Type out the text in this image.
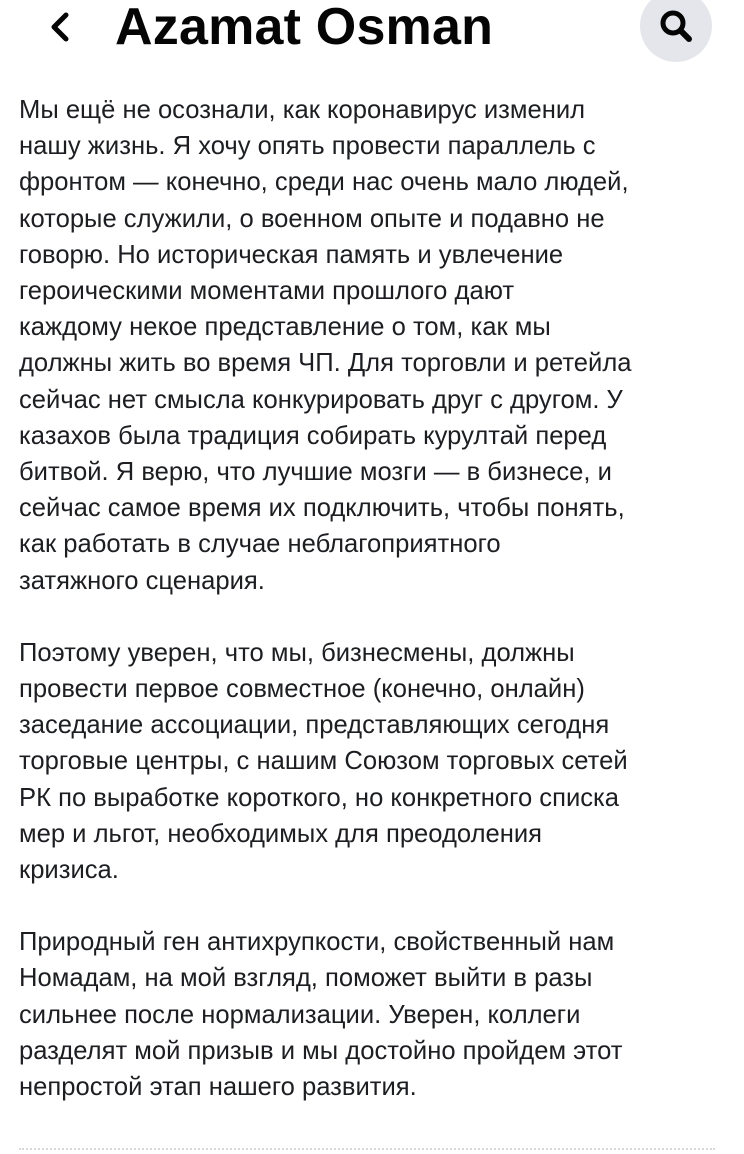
Azamat Osman

Мы ещё не осознали, как коронавирус изменил
нашу жизнь. Я хочу опять провести параллель с
фронтом — конечно, среди нас очень мало людей,
которые служили, о военном опыте и подавно не
говорю. Но историческая память и увлечение
героическими моментами прошлого дают
каждому некое представление о том, как мы
должны жить во время ЧП. Для торговли и ретейла
сейчас нет смысла конкурировать друг с другом. У
казахов была традиция собирать курултай перед
битвой. Я верю, что лучшие мозги — в бизнесе, и
сейчас самое время их подключить, чтобы понять,
как работать в случае неблагоприятного
затяжного сценария.

Поэтому уверен, что мы, бизнесмены, должны
провести первое совместное (конечно, онлайн)
заседание ассоциации, представляющих сегодня
торговые центры, с нашим Союзом торговых сетей
РК по выработке короткого, но конкретного списка
мер и льгот, необходимых для преодоления
кризиса.

Природный ген антихрупкости, свойственный нам
Номадам, на мой взгляд, поможет выйти в разы
сильнее после нормализации. Уверен, коллеги
разделят мой призыв и мы достойно пройдем этот
непростой этап нашего развития.
